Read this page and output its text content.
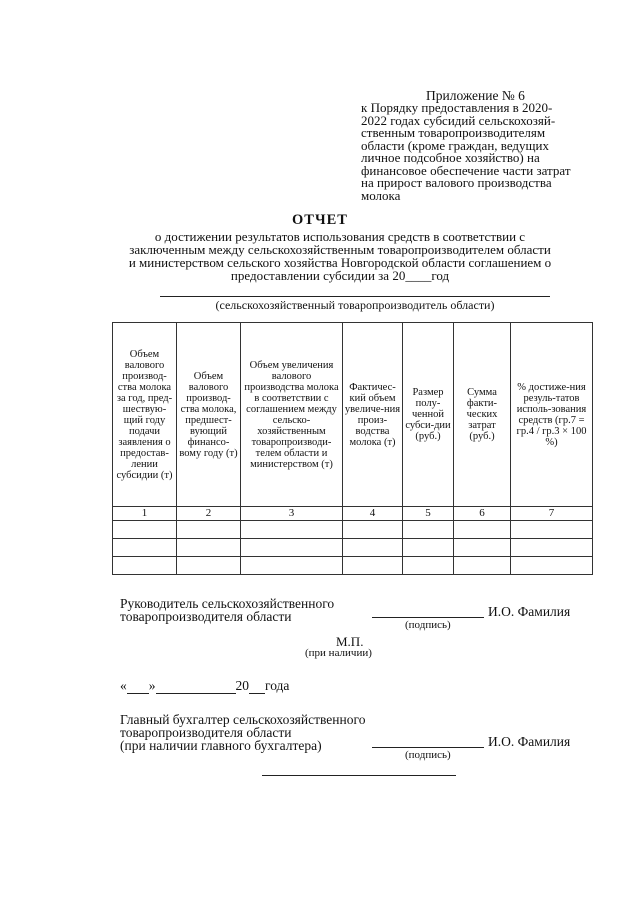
Приложение № 6
к Порядку предоставления в 2020-
2022 годах субсидий сельскохозяй-
ственным товаропроизводителям
области (кроме граждан, ведущих
личное подсобное хозяйство) на
финансовое обеспечение части затрат
на прирост валового производства
молока
ОТЧЕТ
о достижении результатов использования средств в соответствии с
заключенным между сельскохозяйственным товаропроизводителем области
и министерством сельского хозяйства Новгородской области соглашением о
предоставлении субсидии за 20____год
(сельскохозяйственный товаропроизводитель области)
Объем валового производ-ства молока за год, пред-шествую-щий году подачи заявления о предостав-лении субсидии (т)	Объем валового производ-ства молока, предшест-вующий финансо-вому году (т)	Объем увеличения валового производства молока в соответствии с соглашением между сельско-хозяйственным товаропроизводи-телем области и министерством (т)	Фактичес-кий объем увеличе-ния произ-водства молока (т)	Размер полу-ченной субси-дии (руб.)	Сумма факти-ческих затрат (руб.)	% достиже-ния резуль-татов исполь-зования средств (гр.7 = гр.4 / гр.3 × 100 %)
1	2	3	4	5	6	7

Руководитель сельскохозяйственного
товаропроизводителя области	И.О. Фамилия
(подпись)
М.П.
(при наличии)
« »	20 года
Главный бухгалтер сельскохозяйственного
товаропроизводителя области
(при наличии главного бухгалтера)	И.О. Фамилия
(подпись)
